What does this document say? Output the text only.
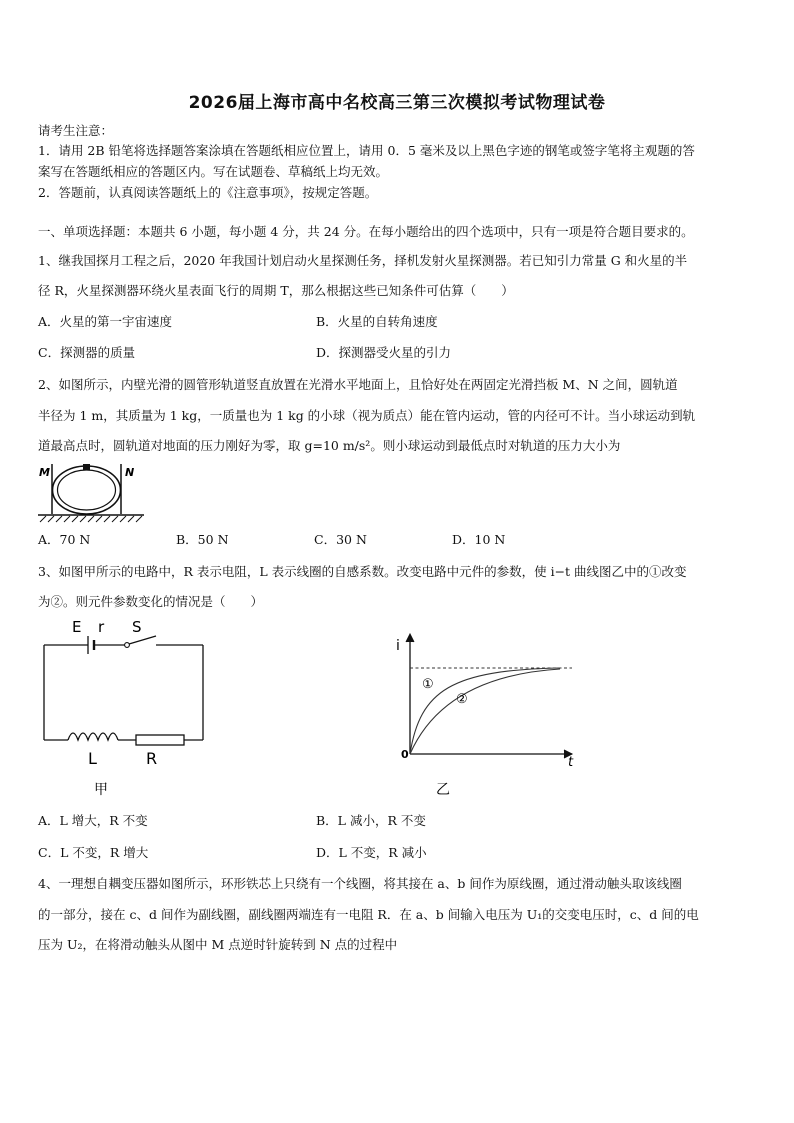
2026届上海市高中名校高三第三次模拟考试物理试卷
请考生注意：
1．请用 2B 铅笔将选择题答案涂填在答题纸相应位置上，请用 0．5 毫米及以上黑色字迹的钢笔或签字笔将主观题的答
案写在答题纸相应的答题区内。写在试题卷、草稿纸上均无效。
2．答题前，认真阅读答题纸上的《注意事项》，按规定答题。
一、单项选择题：本题共 6 小题，每小题 4 分，共 24 分。在每小题给出的四个选项中，只有一项是符合题目要求的。
1、继我国探月工程之后，2020 年我国计划启动火星探测任务，择机发射火星探测器。若已知引力常量 G 和火星的半
径 R，火星探测器环绕火星表面飞行的周期 T，那么根据这些已知条件可估算（　　）
A．火星的第一宇宙速度	B．火星的自转角速度
C．探测器的质量	D．探测器受火星的引力
2、如图所示，内壁光滑的圆管形轨道竖直放置在光滑水平地面上，且恰好处在两固定光滑挡板 M、N 之间，圆轨道
半径为 1 m，其质量为 1 kg，一质量也为 1 kg 的小球（视为质点）能在管内运动，管的内径可不计。当小球运动到轨
道最高点时，圆轨道对地面的压力刚好为零，取 g=10 m/s²。则小球运动到最低点时对轨道的压力大小为
M	N
A．70 N	B．50 N	C．30 N	D．10 N
3、如图甲所示的电路中，R 表示电阻，L 表示线圈的自感系数。改变电路中元件的参数，使 i−t 曲线图乙中的①改变
为②。则元件参数变化的情况是（　　）
E r S
L	R
甲
i
t
0
①
②
乙
A．L 增大，R 不变	B．L 减小，R 不变
C．L 不变，R 增大	D．L 不变，R 减小
4、一理想自耦变压器如图所示，环形铁芯上只绕有一个线圈，将其接在 a、b 间作为原线圈，通过滑动触头取该线圈
的一部分，接在 c、d 间作为副线圈，副线圈两端连有一电阻 R．在 a、b 间输入电压为 U₁的交变电压时，c、d 间的电
压为 U₂，在将滑动触头从图中 M 点逆时针旋转到 N 点的过程中
